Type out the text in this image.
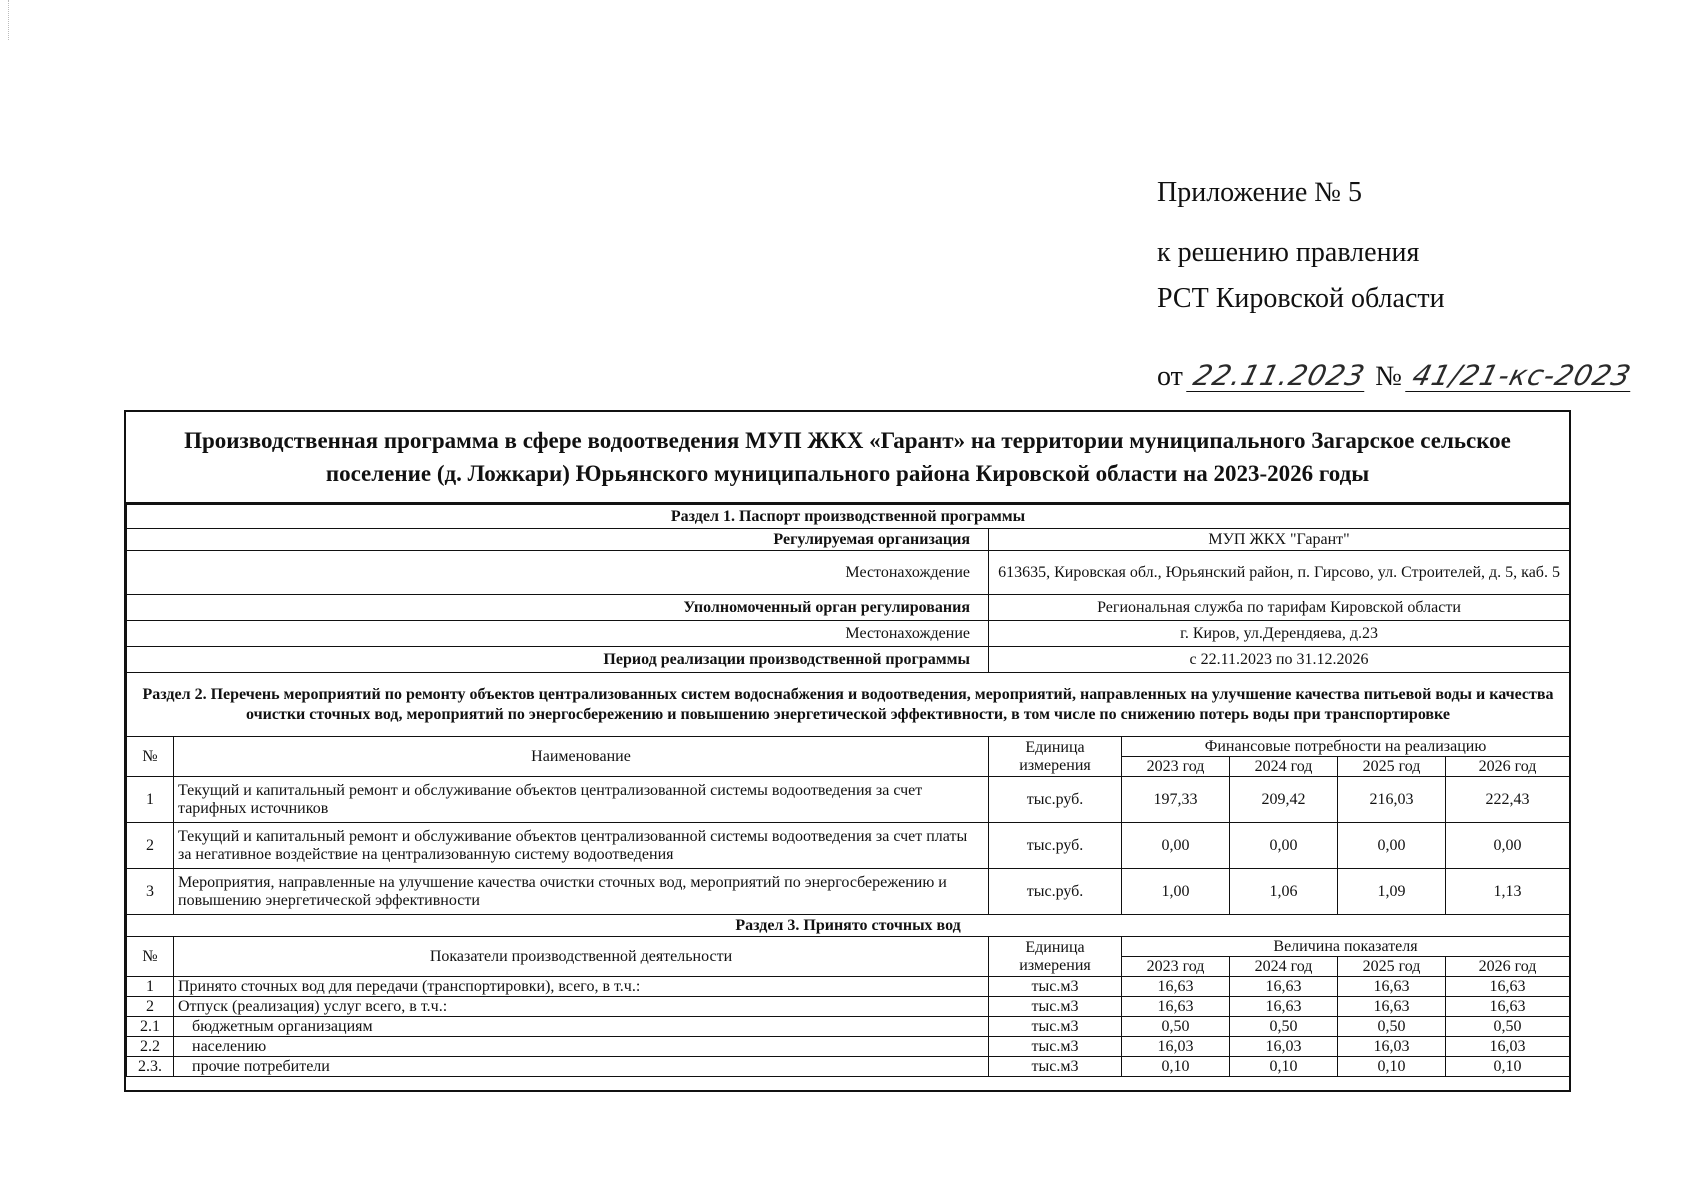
Приложение № 5
к решению правления
РСТ Кировской области
от 22.11.2023 № 41/21-кс-2023
Производственная программа в сфере водоотведения МУП ЖКХ «Гарант» на территории муниципального Загарское сельское поселение (д. Ложкари) Юрьянского муниципального района Кировской области на 2023-2026 годы
Раздел 1. Паспорт производственной программы						
Регулируемая организация		МУП ЖКХ "Гарант"				
Местонахождение		613635, Кировская обл., Юрьянский район, п. Гирсово, ул. Строителей, д. 5, каб. 5				
Уполномоченный орган регулирования		Региональная служба по тарифам Кировской области				
Местонахождение		г. Киров, ул.Дерендяева, д.23				
Период реализации производственной программы		с 22.11.2023 по 31.12.2026				
Раздел 2. Перечень мероприятий по ремонту объектов централизованных систем водоснабжения и водоотведения, мероприятий, направленных на улучшение качества питьевой воды и качества очистки сточных вод, мероприятий по энергосбережению и повышению энергетической эффективности, в том числе по снижению потерь воды при транспортировке						
№	Наименование	Единица измерения	Финансовые потребности на реализацию			
			2023 год	2024 год	2025 год	2026 год
1	Текущий и капитальный ремонт и обслуживание объектов централизованной системы водоотведения за счет тарифных источников	тыс.руб.	197,33	209,42	216,03	222,43
2	Текущий и капитальный ремонт и обслуживание объектов централизованной системы водоотведения за счет платы за негативное воздействие на централизованную систему водоотведения	тыс.руб.	0,00	0,00	0,00	0,00
3	Мероприятия, направленные на улучшение качества очистки сточных вод, мероприятий по энергосбережению и повышению энергетической эффективности	тыс.руб.	1,00	1,06	1,09	1,13
Раздел 3. Принято сточных вод						
№	Показатели производственной деятельности	Единица измерения	Величина показателя			
			2023 год	2024 год	2025 год	2026 год
1	Принято сточных вод для передачи (транспортировки), всего, в т.ч.:	тыс.м3	16,63	16,63	16,63	16,63
2	Отпуск (реализация) услуг всего, в т.ч.:	тыс.м3	16,63	16,63	16,63	16,63
2.1	бюджетным организациям	тыс.м3	0,50	0,50	0,50	0,50
2.2	населению	тыс.м3	16,03	16,03	16,03	16,03
2.3.	прочие потребители	тыс.м3	0,10	0,10	0,10	0,10
